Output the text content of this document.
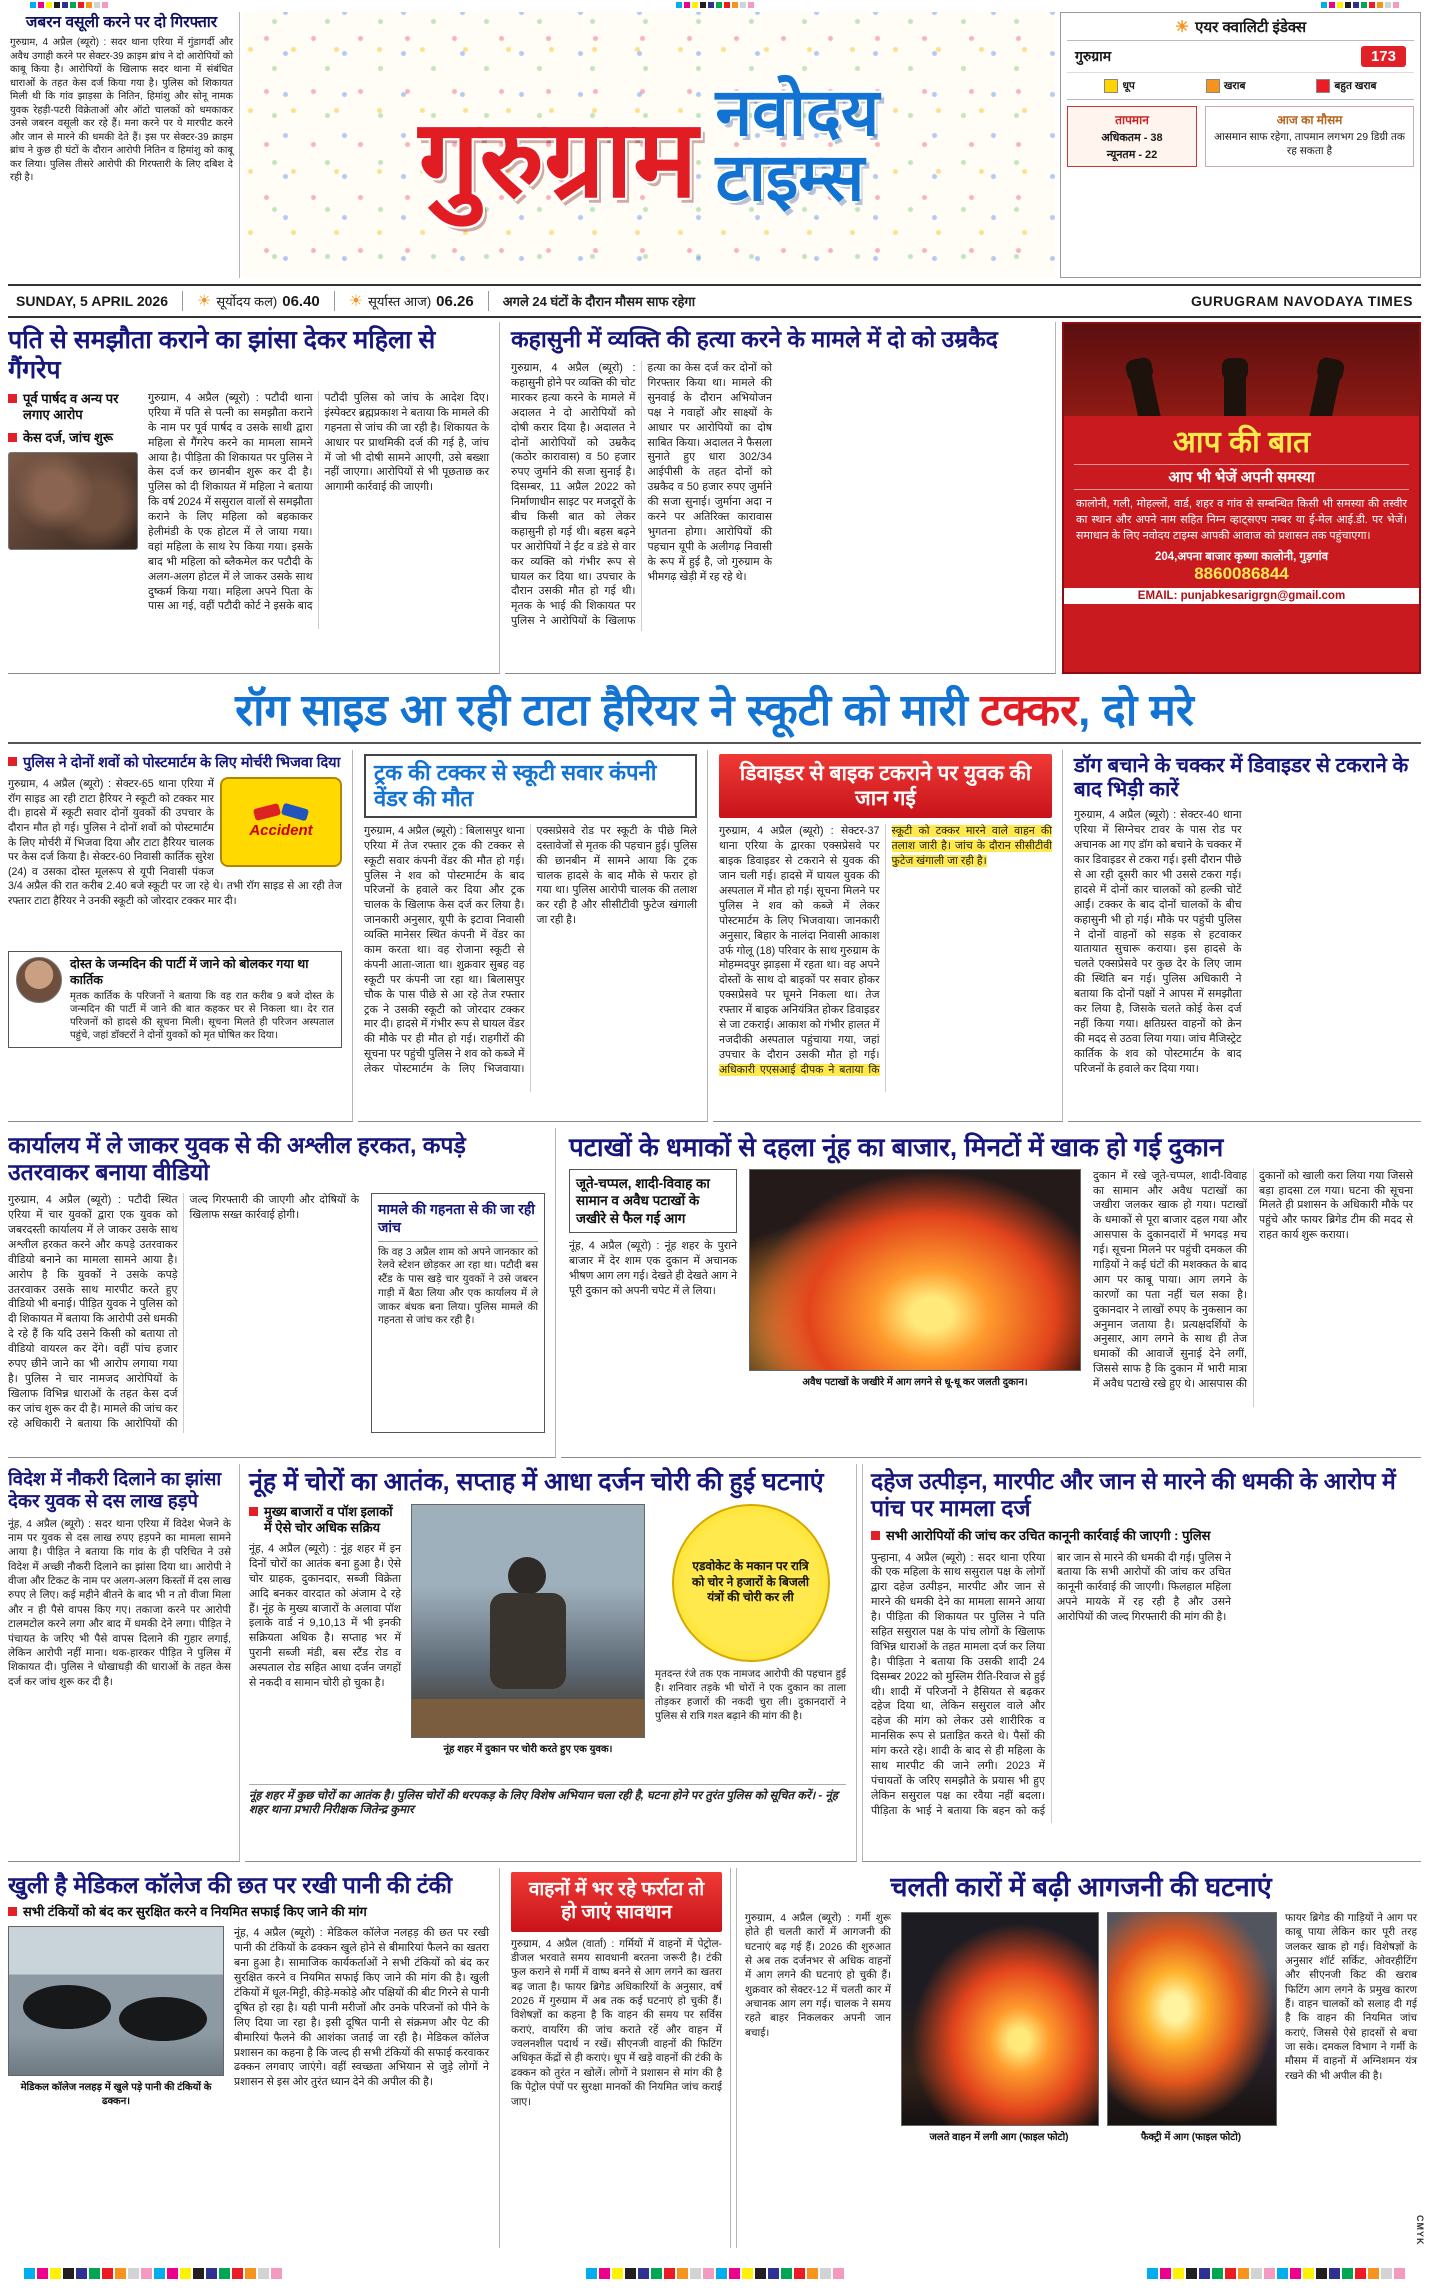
जबरन वसूली करने पर दो गिरफ्तार
गुरुग्राम, 4 अप्रैल (ब्यूरो) : सदर थाना एरिया में गुंडागर्दी और अवैध उगाही करने पर सेक्टर-39 क्राइम ब्रांच ने दो आरोपियों को काबू किया है। आरोपियों के खिलाफ सदर थाना में संबंधित धाराओं के तहत केस दर्ज किया गया है। पुलिस को शिकायत मिली थी कि गांव झाड़सा के नितिन, हिमांशु और सोनू नामक युवक रेहड़ी-पटरी विक्रेताओं और ऑटो चालकों को धमकाकर उनसे जबरन वसूली कर रहे हैं। मना करने पर ये मारपीट करने और जान से मारने की धमकी देते हैं। इस पर सेक्टर-39 क्राइम ब्रांच ने कुछ ही घंटों के दौरान आरोपी नितिन व हिमांशु को काबू कर लिया। पुलिस तीसरे आरोपी की गिरफ्तारी के लिए दबिश दे रही है।	गुरुग्राम नवोदय
टाइम्स
☀ एयर क्वालिटी इंडेक्स
गुरुग्राम	173
धूप	खराब	बहुत खराब
तापमान
अधिकतम - 38
न्यूनतम - 22
आज का मौसम
आसमान साफ रहेगा, तापमान लगभग 29 डिग्री तक रह सकता है
SUNDAY, 5 APRIL 2026 ☀ सूर्योदय कल) 06.40 ☀ सूर्यास्त आज) 06.26 अगले 24 घंटों के दौरान मौसम साफ रहेगा	GURUGRAM NAVODAYA TIMES
पति से समझौता कराने का झांसा देकर महिला से गैंगरेप
पूर्व पार्षद व अन्य पर लगाए आरोप
केस दर्ज, जांच शुरू
गुरुग्राम, 4 अप्रैल (ब्यूरो) : पटौदी थाना एरिया में पति से पत्नी का समझौता कराने के नाम पर पूर्व पार्षद व उसके साथी द्वारा महिला से गैंगरेप करने का मामला सामने आया है। पीड़िता की शिकायत पर पुलिस ने केस दर्ज कर छानबीन शुरू कर दी है। पुलिस को दी शिकायत में महिला ने बताया कि वर्ष 2024 में ससुराल वालों से समझौता कराने के लिए महिला को बहकाकर हेलीमंडी के एक होटल में ले जाया गया। वहां महिला के साथ रेप किया गया। इसके बाद भी महिला को ब्लैकमेल कर पटौदी के अलग-अलग होटल में ले जाकर उसके साथ दुष्कर्म किया गया। महिला अपने पिता के पास आ गई, वहीं पटौदी कोर्ट ने इसके बाद पटौदी पुलिस को जांच के आदेश दिए। इंस्पेक्टर ब्रह्मप्रकाश ने बताया कि मामले की गहनता से जांच की जा रही है। शिकायत के आधार पर प्राथमिकी दर्ज की गई है, जांच में जो भी दोषी सामने आएगी, उसे बख्शा नहीं जाएगा। आरोपियों से भी पूछताछ कर आगामी कार्रवाई की जाएगी।
कहासुनी में व्यक्ति की हत्या करने के मामले में दो को उम्रकैद
गुरुग्राम, 4 अप्रैल (ब्यूरो) : कहासुनी होने पर व्यक्ति की चोट मारकर हत्या करने के मामले में अदालत ने दो आरोपियों को दोषी करार दिया है। अदालत ने दोनों आरोपियों को उम्रकैद (कठोर कारावास) व 50 हजार रुपए जुर्माने की सजा सुनाई है। दिसम्बर, 11 अप्रैल 2022 को निर्माणाधीन साइट पर मजदूरों के बीच किसी बात को लेकर कहासुनी हो गई थी। बहस बढ़ने पर आरोपियों ने ईंट व डंडे से वार कर व्यक्ति को गंभीर रूप से घायल कर दिया था। उपचार के दौरान उसकी मौत हो गई थी। मृतक के भाई की शिकायत पर पुलिस ने आरोपियों के खिलाफ हत्या का केस दर्ज कर दोनों को गिरफ्तार किया था। मामले की सुनवाई के दौरान अभियोजन पक्ष ने गवाहों और साक्ष्यों के आधार पर आरोपियों का दोष साबित किया। अदालत ने फैसला सुनाते हुए धारा 302/34 आईपीसी के तहत दोनों को उम्रकैद व 50 हजार रुपए जुर्माने की सजा सुनाई। जुर्माना अदा न करने पर अतिरिक्त कारावास भुगतना होगा। आरोपियों की पहचान यूपी के अलीगढ़ निवासी के रूप में हुई है, जो गुरुग्राम के भीमगढ़ खेड़ी में रह रहे थे।
आप की बात
आप भी भेजें अपनी समस्या
कालोनी, गली, मोहल्लों, वार्ड, शहर व गांव से सम्बन्धित किसी भी समस्या की तस्वीर का स्थान और अपने नाम सहित निम्न व्हाट्सएप नम्बर या ई-मेल आई.डी. पर भेजें। समाधान के लिए नवोदय टाइम्स आपकी आवाज को प्रशासन तक पहुंचाएगा।
204,अपना बाजार कृष्णा कालोनी, गुड़गांव
8860086844
EMAIL: punjabkesarigrgn@gmail.com
रॉग साइड आ रही टाटा हैरियर ने स्कूटी को मारी टक्कर, दो मरे
पुलिस ने दोनों शवों को पोस्टमार्टम के लिए मोर्चरी भिजवा दिया
Accident
गुरुग्राम, 4 अप्रैल (ब्यूरो) : सेक्टर-65 थाना एरिया में रॉग साइड आ रही टाटा हैरियर ने स्कूटी को टक्कर मार दी। हादसे में स्कूटी सवार दोनों युवकों की उपचार के दौरान मौत हो गई। पुलिस ने दोनों शवों को पोस्टमार्टम के लिए मोर्चरी में भिजवा दिया और टाटा हैरियर चालक पर केस दर्ज किया है। सेक्टर-60 निवासी कार्तिक सुरेश (24) व उसका दोस्त मूलरूप से यूपी निवासी पंकज 3/4 अप्रैल की रात करीब 2.40 बजे स्कूटी पर जा रहे थे। तभी रॉग साइड से आ रही तेज रफ्तार टाटा हैरियर ने उनकी स्कूटी को जोरदार टक्कर मार दी।
दोस्त के जन्मदिन की पार्टी में जाने को बोलकर गया था कार्तिक
मृतक कार्तिक के परिजनों ने बताया कि वह रात करीब 9 बजे दोस्त के जन्मदिन की पार्टी में जाने की बात कहकर घर से निकला था। देर रात परिजनों को हादसे की सूचना मिली। सूचना मिलते ही परिजन अस्पताल पहुंचे, जहां डॉक्टरों ने दोनों युवकों को मृत घोषित कर दिया।
ट्रक की टक्कर से स्कूटी सवार कंपनी वेंडर की मौत
गुरुग्राम, 4 अप्रैल (ब्यूरो) : बिलासपुर थाना एरिया में तेज रफ्तार ट्रक की टक्कर से स्कूटी सवार कंपनी वेंडर की मौत हो गई। पुलिस ने शव को पोस्टमार्टम के बाद परिजनों के हवाले कर दिया और ट्रक चालक के खिलाफ केस दर्ज कर लिया है। जानकारी अनुसार, यूपी के इटावा निवासी व्यक्ति मानेसर स्थित कंपनी में वेंडर का काम करता था। वह रोजाना स्कूटी से कंपनी आता-जाता था। शुक्रवार सुबह वह स्कूटी पर कंपनी जा रहा था। बिलासपुर चौक के पास पीछे से आ रहे तेज रफ्तार ट्रक ने उसकी स्कूटी को जोरदार टक्कर मार दी। हादसे में गंभीर रूप से घायल वेंडर की मौके पर ही मौत हो गई। राहगीरों की सूचना पर पहुंची पुलिस ने शव को कब्जे में लेकर पोस्टमार्टम के लिए भिजवाया। एक्सप्रेसवे रोड पर स्कूटी के पीछे मिले दस्तावेजों से मृतक की पहचान हुई। पुलिस की छानबीन में सामने आया कि ट्रक चालक हादसे के बाद मौके से फरार हो गया था। पुलिस आरोपी चालक की तलाश कर रही है और सीसीटीवी फुटेज खंगाली जा रही है।
डिवाइडर से बाइक टकराने पर युवक की जान गई
गुरुग्राम, 4 अप्रैल (ब्यूरो) : सेक्टर-37 थाना एरिया के द्वारका एक्सप्रेसवे पर बाइक डिवाइडर से टकराने से युवक की जान चली गई। हादसे में घायल युवक की अस्पताल में मौत हो गई। सूचना मिलने पर पुलिस ने शव को कब्जे में लेकर पोस्टमार्टम के लिए भिजवाया। जानकारी अनुसार, बिहार के नालंदा निवासी आकाश उर्फ गोलू (18) परिवार के साथ गुरुग्राम के मोहम्मदपुर झाड़सा में रहता था। वह अपने दोस्तों के साथ दो बाइकों पर सवार होकर एक्सप्रेसवे पर घूमने निकला था। तेज रफ्तार में बाइक अनियंत्रित होकर डिवाइडर से जा टकराई। आकाश को गंभीर हालत में नजदीकी अस्पताल पहुंचाया गया, जहां उपचार के दौरान उसकी मौत हो गई। अधिकारी एएसआई दीपक ने बताया कि स्कूटी को टक्कर मारने वाले वाहन की तलाश जारी है। जांच के दौरान सीसीटीवी फुटेज खंगाली जा रही है।
डॉग बचाने के चक्कर में डिवाइडर से टकराने के बाद भिड़ी कारें
गुरुग्राम, 4 अप्रैल (ब्यूरो) : सेक्टर-40 थाना एरिया में सिग्नेचर टावर के पास रोड पर अचानक आ गए डॉग को बचाने के चक्कर में कार डिवाइडर से टकरा गई। इसी दौरान पीछे से आ रही दूसरी कार भी उससे टकरा गई। हादसे में दोनों कार चालकों को हल्की चोटें आईं। टक्कर के बाद दोनों चालकों के बीच कहासुनी भी हो गई। मौके पर पहुंची पुलिस ने दोनों वाहनों को सड़क से हटवाकर यातायात सुचारू कराया। इस हादसे के चलते एक्सप्रेसवे पर कुछ देर के लिए जाम की स्थिति बन गई। पुलिस अधिकारी ने बताया कि दोनों पक्षों ने आपस में समझौता कर लिया है, जिसके चलते कोई केस दर्ज नहीं किया गया। क्षतिग्रस्त वाहनों को क्रेन की मदद से उठवा लिया गया। जांच मैजिस्ट्रेट कार्तिक के शव को पोस्टमार्टम के बाद परिजनों के हवाले कर दिया गया।
कार्यालय में ले जाकर युवक से की अश्लील हरकत, कपड़े उतरवाकर बनाया वीडियो
गुरुग्राम, 4 अप्रैल (ब्यूरो) : पटौदी स्थित एरिया में चार युवकों द्वारा एक युवक को जबरदस्ती कार्यालय में ले जाकर उसके साथ अश्लील हरकत करने और कपड़े उतरवाकर वीडियो बनाने का मामला सामने आया है। आरोप है कि युवकों ने उसके कपड़े उतरवाकर उसके साथ मारपीट करते हुए वीडियो भी बनाई। पीड़ित युवक ने पुलिस को दी शिकायत में बताया कि आरोपी उसे धमकी दे रहे हैं कि यदि उसने किसी को बताया तो वीडियो वायरल कर देंगे। वहीं पांच हजार रुपए छीने जाने का भी आरोप लगाया गया है। पुलिस ने चार नामजद आरोपियों के खिलाफ विभिन्न धाराओं के तहत केस दर्ज कर जांच शुरू कर दी है। मामले की जांच कर रहे अधिकारी ने बताया कि आरोपियों की जल्द गिरफ्तारी की जाएगी और दोषियों के खिलाफ सख्त कार्रवाई होगी।	मामले की गहनता से की जा रही जांच
कि वह 3 अप्रैल शाम को अपने जानकार को रेलवे स्टेशन छोड़कर आ रहा था। पटौदी बस स्टैंड के पास खड़े चार युवकों ने उसे जबरन गाड़ी में बैठा लिया और एक कार्यालय में ले जाकर बंधक बना लिया। पुलिस मामले की गहनता से जांच कर रही है।
पटाखों के धमाकों से दहला नूंह का बाजार, मिनटों में खाक हो गई दुकान
जूते-चप्पल, शादी-विवाह का सामान व अवैध पटाखों के जखीरे से फैल गई आग
नूंह, 4 अप्रैल (ब्यूरो) : नूंह शहर के पुराने बाजार में देर शाम एक दुकान में अचानक भीषण आग लग गई। देखते ही देखते आग ने पूरी दुकान को अपनी चपेट में ले लिया।
अवैध पटाखों के जखीरे में आग लगने से धू-धू कर जलती दुकान।
दुकान में रखे जूते-चप्पल, शादी-विवाह का सामान और अवैध पटाखों का जखीरा जलकर खाक हो गया। पटाखों के धमाकों से पूरा बाजार दहल गया और आसपास के दुकानदारों में भगदड़ मच गई। सूचना मिलने पर पहुंची दमकल की गाड़ियों ने कई घंटों की मशक्कत के बाद आग पर काबू पाया। आग लगने के कारणों का पता नहीं चल सका है। दुकानदार ने लाखों रुपए के नुकसान का अनुमान जताया है। प्रत्यक्षदर्शियों के अनुसार, आग लगने के साथ ही तेज धमाकों की आवाजें सुनाई देने लगीं, जिससे साफ है कि दुकान में भारी मात्रा में अवैध पटाखे रखे हुए थे। आसपास की दुकानों को खाली करा लिया गया जिससे बड़ा हादसा टल गया। घटना की सूचना मिलते ही प्रशासन के अधिकारी मौके पर पहुंचे और फायर ब्रिगेड टीम की मदद से राहत कार्य शुरू कराया।
विदेश में नौकरी दिलाने का झांसा देकर युवक से दस लाख हड़पे
नूंह, 4 अप्रैल (ब्यूरो) : सदर थाना एरिया में विदेश भेजने के नाम पर युवक से दस लाख रुपए हड़पने का मामला सामने आया है। पीड़ित ने बताया कि गांव के ही परिचित ने उसे विदेश में अच्छी नौकरी दिलाने का झांसा दिया था। आरोपी ने वीजा और टिकट के नाम पर अलग-अलग किस्तों में दस लाख रुपए ले लिए। कई महीने बीतने के बाद भी न तो वीजा मिला और न ही पैसे वापस किए गए। तकाजा करने पर आरोपी टालमटोल करने लगा और बाद में धमकी देने लगा। पीड़ित ने पंचायत के जरिए भी पैसे वापस दिलाने की गुहार लगाई, लेकिन आरोपी नहीं माना। थक-हारकर पीड़ित ने पुलिस में शिकायत दी। पुलिस ने धोखाधड़ी की धाराओं के तहत केस दर्ज कर जांच शुरू कर दी है।
नूंह में चोरों का आतंक, सप्ताह में आधा दर्जन चोरी की हुई घटनाएं
मुख्य बाजारों व पॉश इलाकों में ऐसे चोर अधिक सक्रिय
नूंह, 4 अप्रैल (ब्यूरो) : नूंह शहर में इन दिनों चोरों का आतंक बना हुआ है। ऐसे चोर ग्राहक, दुकानदार, सब्जी विक्रेता आदि बनकर वारदात को अंजाम दे रहे हैं। नूंह के मुख्य बाजारों के अलावा पॉश इलाके वार्ड नं 9,10,13 में भी इनकी सक्रियता अधिक है। सप्ताह भर में पुरानी सब्जी मंडी, बस स्टैंड रोड व अस्पताल रोड सहित आधा दर्जन जगहों से नकदी व सामान चोरी हो चुका है।
नूंह शहर में दुकान पर चोरी करते हुए एक युवक।
एडवोकेट के मकान पर रात्रि को चोर ने हजारों के बिजली यंत्रों की चोरी कर ली
मृतदन्त रंजे तक एक नामजद आरोपी की पहचान हुई है। शनिवार तड़के भी चोरों ने एक दुकान का ताला तोड़कर हजारों की नकदी चुरा ली। दुकानदारों ने पुलिस से रात्रि गश्त बढ़ाने की मांग की है।
नूंह शहर में कुछ चोरों का आतंक है। पुलिस चोरों की धरपकड़ के लिए विशेष अभियान चला रही है, घटना होने पर तुरंत पुलिस को सूचित करें। - नूंह शहर थाना प्रभारी निरीक्षक जितेन्द्र कुमार
दहेज उत्पीड़न, मारपीट और जान से मारने की धमकी के आरोप में पांच पर मामला दर्ज
सभी आरोपियों की जांच कर उचित कानूनी कार्रवाई की जाएगी : पुलिस
पुन्हाना, 4 अप्रैल (ब्यूरो) : सदर थाना एरिया की एक महिला के साथ ससुराल पक्ष के लोगों द्वारा दहेज उत्पीड़न, मारपीट और जान से मारने की धमकी देने का मामला सामने आया है। पीड़िता की शिकायत पर पुलिस ने पति सहित ससुराल पक्ष के पांच लोगों के खिलाफ विभिन्न धाराओं के तहत मामला दर्ज कर लिया है। पीड़िता ने बताया कि उसकी शादी 24 दिसम्बर 2022 को मुस्लिम रीति-रिवाज से हुई थी। शादी में परिजनों ने हैसियत से बढ़कर दहेज दिया था, लेकिन ससुराल वाले और दहेज की मांग को लेकर उसे शारीरिक व मानसिक रूप से प्रताड़ित करते थे। पैसों की मांग करते रहे। शादी के बाद से ही महिला के साथ मारपीट की जाने लगी। 2023 में पंचायतों के जरिए समझौते के प्रयास भी हुए लेकिन ससुराल पक्ष का रवैया नहीं बदला। पीड़िता के भाई ने बताया कि बहन को कई बार जान से मारने की धमकी दी गई। पुलिस ने बताया कि सभी आरोपों की जांच कर उचित कानूनी कार्रवाई की जाएगी। फिलहाल महिला अपने मायके में रह रही है और उसने आरोपियों की जल्द गिरफ्तारी की मांग की है।
खुली है मेडिकल कॉलेज की छत पर रखी पानी की टंकी
सभी टंकियों को बंद कर सुरक्षित करने व नियमित सफाई किए जाने की मांग
मेडिकल कॉलेज नलहड़ में खुले पड़े पानी की टंकियों के ढक्कन।
नूंह, 4 अप्रैल (ब्यूरो) : मेडिकल कॉलेज नलहड़ की छत पर रखी पानी की टंकियों के ढक्कन खुले होने से बीमारियां फैलने का खतरा बना हुआ है। सामाजिक कार्यकर्ताओं ने सभी टंकियों को बंद कर सुरक्षित करने व नियमित सफाई किए जाने की मांग की है। खुली टंकियों में धूल-मिट्टी, कीड़े-मकोड़े और पक्षियों की बीट गिरने से पानी दूषित हो रहा है। यही पानी मरीजों और उनके परिजनों को पीने के लिए दिया जा रहा है। इसी दूषित पानी से संक्रमण और पेट की बीमारियां फैलने की आशंका जताई जा रही है। मेडिकल कॉलेज प्रशासन का कहना है कि जल्द ही सभी टंकियों की सफाई करवाकर ढक्कन लगवाए जाएंगे। वहीं स्वच्छता अभियान से जुड़े लोगों ने प्रशासन से इस ओर तुरंत ध्यान देने की अपील की है।
वाहनों में भर रहे फर्राटा तो हो जाएं सावधान
गुरुग्राम, 4 अप्रैल (वार्ता) : गर्मियों में वाहनों में पेट्रोल-डीजल भरवाते समय सावधानी बरतना जरूरी है। टंकी फुल कराने से गर्मी में वाष्प बनने से आग लगने का खतरा बढ़ जाता है। फायर ब्रिगेड अधिकारियों के अनुसार, वर्ष 2026 में गुरुग्राम में अब तक कई घटनाएं हो चुकी हैं। विशेषज्ञों का कहना है कि वाहन की समय पर सर्विस कराएं, वायरिंग की जांच कराते रहें और वाहन में ज्वलनशील पदार्थ न रखें। सीएनजी वाहनों की फिटिंग अधिकृत केंद्रों से ही कराएं। धूप में खड़े वाहनों की टंकी के ढक्कन को तुरंत न खोलें। लोगों ने प्रशासन से मांग की है कि पेट्रोल पंपों पर सुरक्षा मानकों की नियमित जांच कराई जाए।
चलती कारों में बढ़ी आगजनी की घटनाएं
गुरुग्राम, 4 अप्रैल (ब्यूरो) : गर्मी शुरू होते ही चलती कारों में आगजनी की घटनाएं बढ़ गई हैं। 2026 की शुरुआत से अब तक दर्जनभर से अधिक वाहनों में आग लगने की घटनाएं हो चुकी हैं। शुक्रवार को सेक्टर-12 में चलती कार में अचानक आग लग गई। चालक ने समय रहते बाहर निकलकर अपनी जान बचाई।
जलते वाहन में लगी आग (फाइल फोटो)	फैक्ट्री में आग (फाइल फोटो)
फायर ब्रिगेड की गाड़ियों ने आग पर काबू पाया लेकिन कार पूरी तरह जलकर खाक हो गई। विशेषज्ञों के अनुसार शॉर्ट सर्किट, ओवरहीटिंग और सीएनजी किट की खराब फिटिंग आग लगने के प्रमुख कारण हैं। वाहन चालकों को सलाह दी गई है कि वाहन की नियमित जांच कराएं, जिससे ऐसे हादसों से बचा जा सके। दमकल विभाग ने गर्मी के मौसम में वाहनों में अग्निशमन यंत्र रखने की भी अपील की है।
CMYK
